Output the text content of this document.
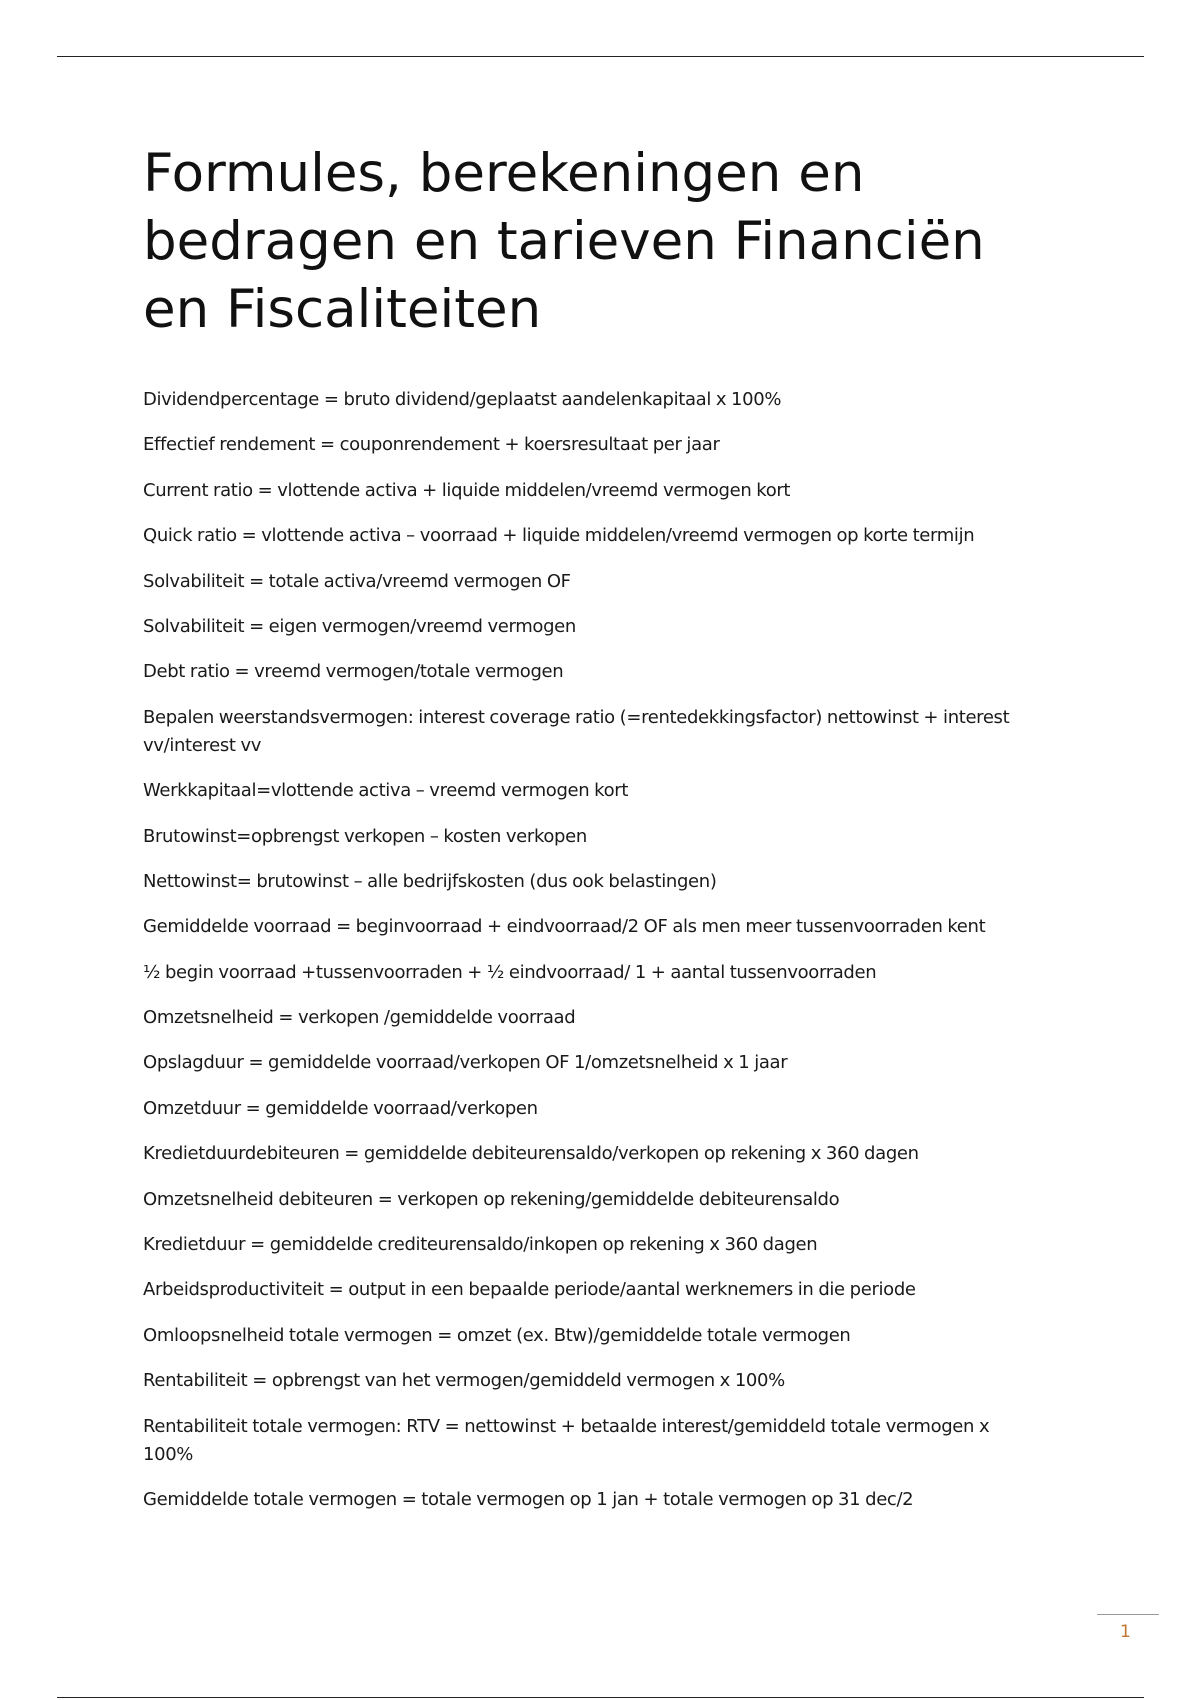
Formules, berekeningen en bedragen en tarieven Financiën en Fiscaliteiten
Dividendpercentage = bruto dividend/geplaatst aandelenkapitaal x 100%
Effectief rendement = couponrendement + koersresultaat per jaar
Current ratio = vlottende activa + liquide middelen/vreemd vermogen kort
Quick ratio = vlottende activa – voorraad + liquide middelen/vreemd vermogen op korte termijn
Solvabiliteit = totale activa/vreemd vermogen OF
Solvabiliteit = eigen vermogen/vreemd vermogen
Debt ratio = vreemd vermogen/totale vermogen
Bepalen weerstandsvermogen: interest coverage ratio (=rentedekkingsfactor) nettowinst + interest vv/interest vv
Werkkapitaal=vlottende activa – vreemd vermogen kort
Brutowinst=opbrengst verkopen – kosten verkopen
Nettowinst= brutowinst – alle bedrijfskosten (dus ook belastingen)
Gemiddelde voorraad = beginvoorraad + eindvoorraad/2 OF als men meer tussenvoorraden kent
½ begin voorraad +tussenvoorraden + ½ eindvoorraad/ 1 + aantal tussenvoorraden
Omzetsnelheid = verkopen /gemiddelde voorraad
Opslagduur = gemiddelde voorraad/verkopen OF 1/omzetsnelheid x 1 jaar
Omzetduur = gemiddelde voorraad/verkopen
Kredietduurdebiteuren = gemiddelde debiteurensaldo/verkopen op rekening x 360 dagen
Omzetsnelheid debiteuren = verkopen op rekening/gemiddelde debiteurensaldo
Kredietduur = gemiddelde crediteurensaldo/inkopen op rekening x 360 dagen
Arbeidsproductiviteit = output in een bepaalde periode/aantal werknemers in die periode
Omloopsnelheid totale vermogen = omzet (ex. Btw)/gemiddelde totale vermogen
Rentabiliteit = opbrengst van het vermogen/gemiddeld vermogen x 100%
Rentabiliteit totale vermogen: RTV = nettowinst + betaalde interest/gemiddeld totale vermogen x 100%
Gemiddelde totale vermogen = totale vermogen op 1 jan + totale vermogen op 31 dec/2
1
